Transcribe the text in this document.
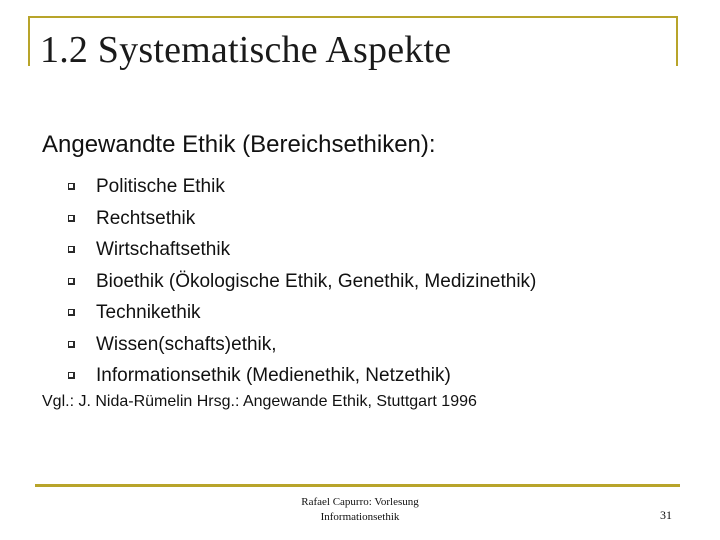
1.2 Systematische Aspekte
Angewandte Ethik (Bereichsethiken):
Politische Ethik
Rechtsethik
Wirtschaftsethik
Bioethik (Ökologische Ethik, Genethik, Medizinethik)
Technikethik
Wissen(schafts)ethik,
Informationsethik (Medienethik, Netzethik)
Vgl.: J. Nida-Rümelin Hrsg.: Angewande Ethik, Stuttgart 1996
Rafael Capurro: Vorlesung
Informationsethik	31
